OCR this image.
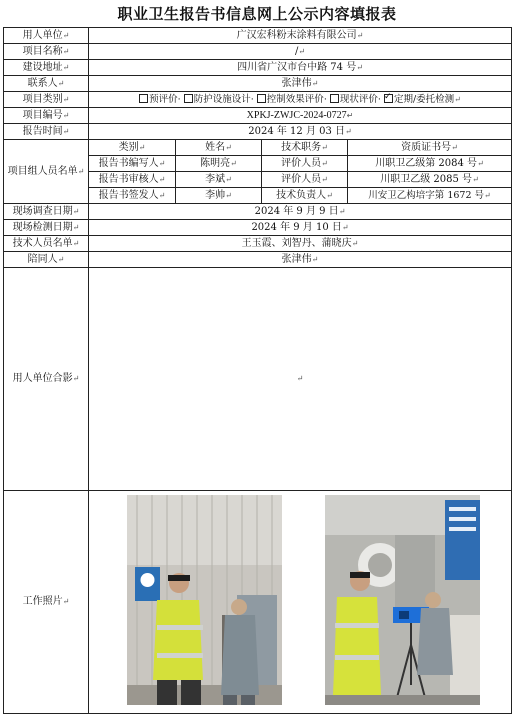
职业卫生报告书信息网上公示内容填报表
用人单位↵	广汉宏科粉末涂料有限公司↵			
项目名称↵	/↵			
建设地址↵	四川省广汉市台中路 74 号↵			
联系人↵	张津伟↵			
项目类别↵	预评价· 防护设施设计· 控制效果评价· 现状评价· ✓ 定期/委托检测↵
项目编号↵	XPKJ-ZWJC-2024-0727↵			
报告时间↵	2024 年 12 月 03 日↵			
项目组人员名单↵	类别↵	姓名↵	技术职务↵	资质证书号↵
	报告书编写人↵	陈明亮↵	评价人员↵	川职卫乙级第 2084 号↵
	报告书审核人↵	李斌↵	评价人员↵	川职卫乙级 2085 号↵
	报告书签发人↵	李帅↵	技术负责人↵	川安卫乙构培字第 1672 号↵
现场调查日期↵	2024 年 9 月 9 日↵			
现场检测日期↵	2024 年 9 月 10 日↵			
技术人员名单↵	王玉霞、刘智丹、蒲晓庆↵			
陪同人↵	张津伟↵			
用人单位合影↵	↵			
工作照片↵	
